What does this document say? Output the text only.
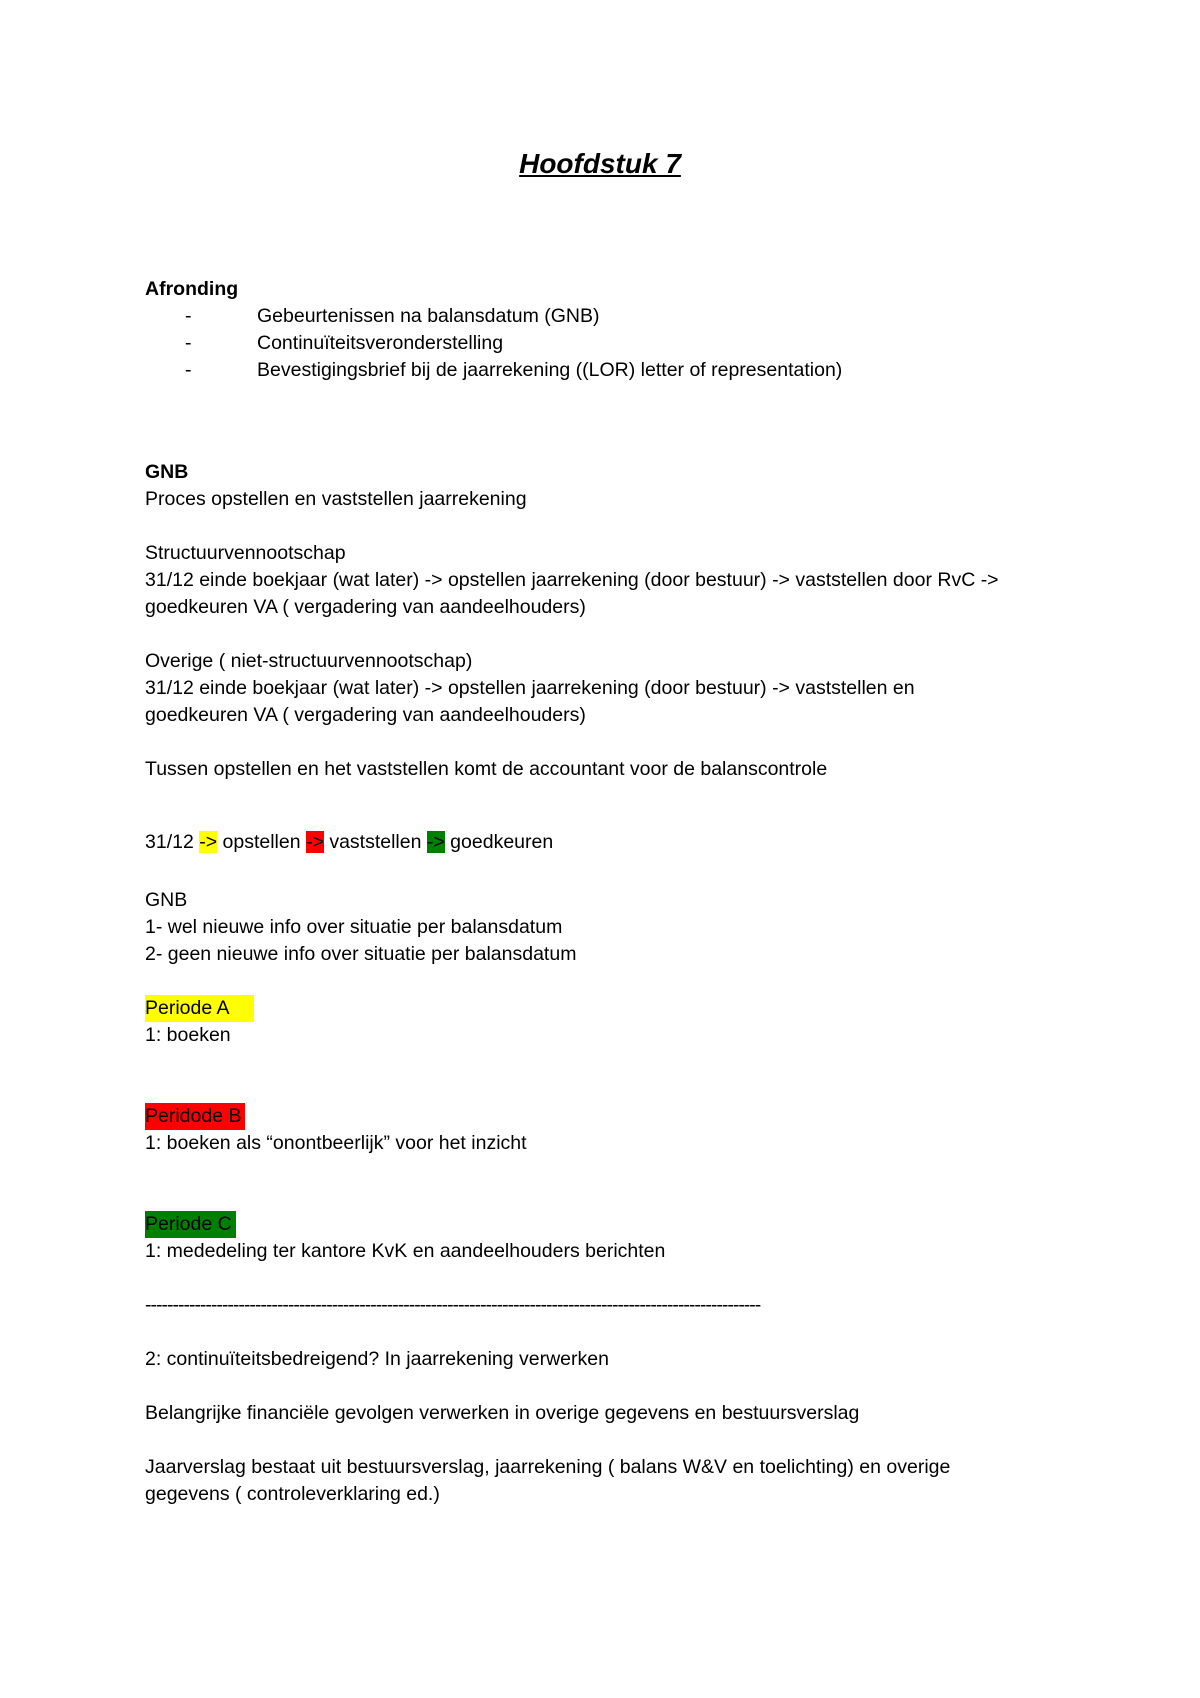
Hoofdstuk 7
Afronding
-	Gebeurtenissen na balansdatum (GNB)
-	Continuïteitsveronderstelling
-	Bevestigingsbrief bij de jaarrekening ((LOR) letter of representation)
GNB
Proces opstellen en vaststellen jaarrekening
Structuurvennootschap
31/12 einde boekjaar (wat later) -> opstellen jaarrekening (door bestuur) -> vaststellen door RvC ->
goedkeuren VA ( vergadering van aandeelhouders)
Overige ( niet-structuurvennootschap)
31/12 einde boekjaar (wat later) -> opstellen jaarrekening (door bestuur) -> vaststellen en
goedkeuren VA ( vergadering van aandeelhouders)
Tussen opstellen en het vaststellen komt de accountant voor de balanscontrole
31/12 -> opstellen -> vaststellen -> goedkeuren
GNB
1- wel nieuwe info over situatie per balansdatum
2- geen nieuwe info over situatie per balansdatum
Periode A
1: boeken
Peridode B
1: boeken als “onontbeerlijk” voor het inzicht
Periode C
1: mededeling ter kantore KvK en aandeelhouders berichten
----------------------------------------------------------------------------------------------------------------
2: continuïteitsbedreigend? In jaarrekening verwerken
Belangrijke financiële gevolgen verwerken in overige gegevens en bestuursverslag
Jaarverslag bestaat uit bestuursverslag, jaarrekening ( balans W&V en toelichting) en overige
gegevens ( controleverklaring ed.)
